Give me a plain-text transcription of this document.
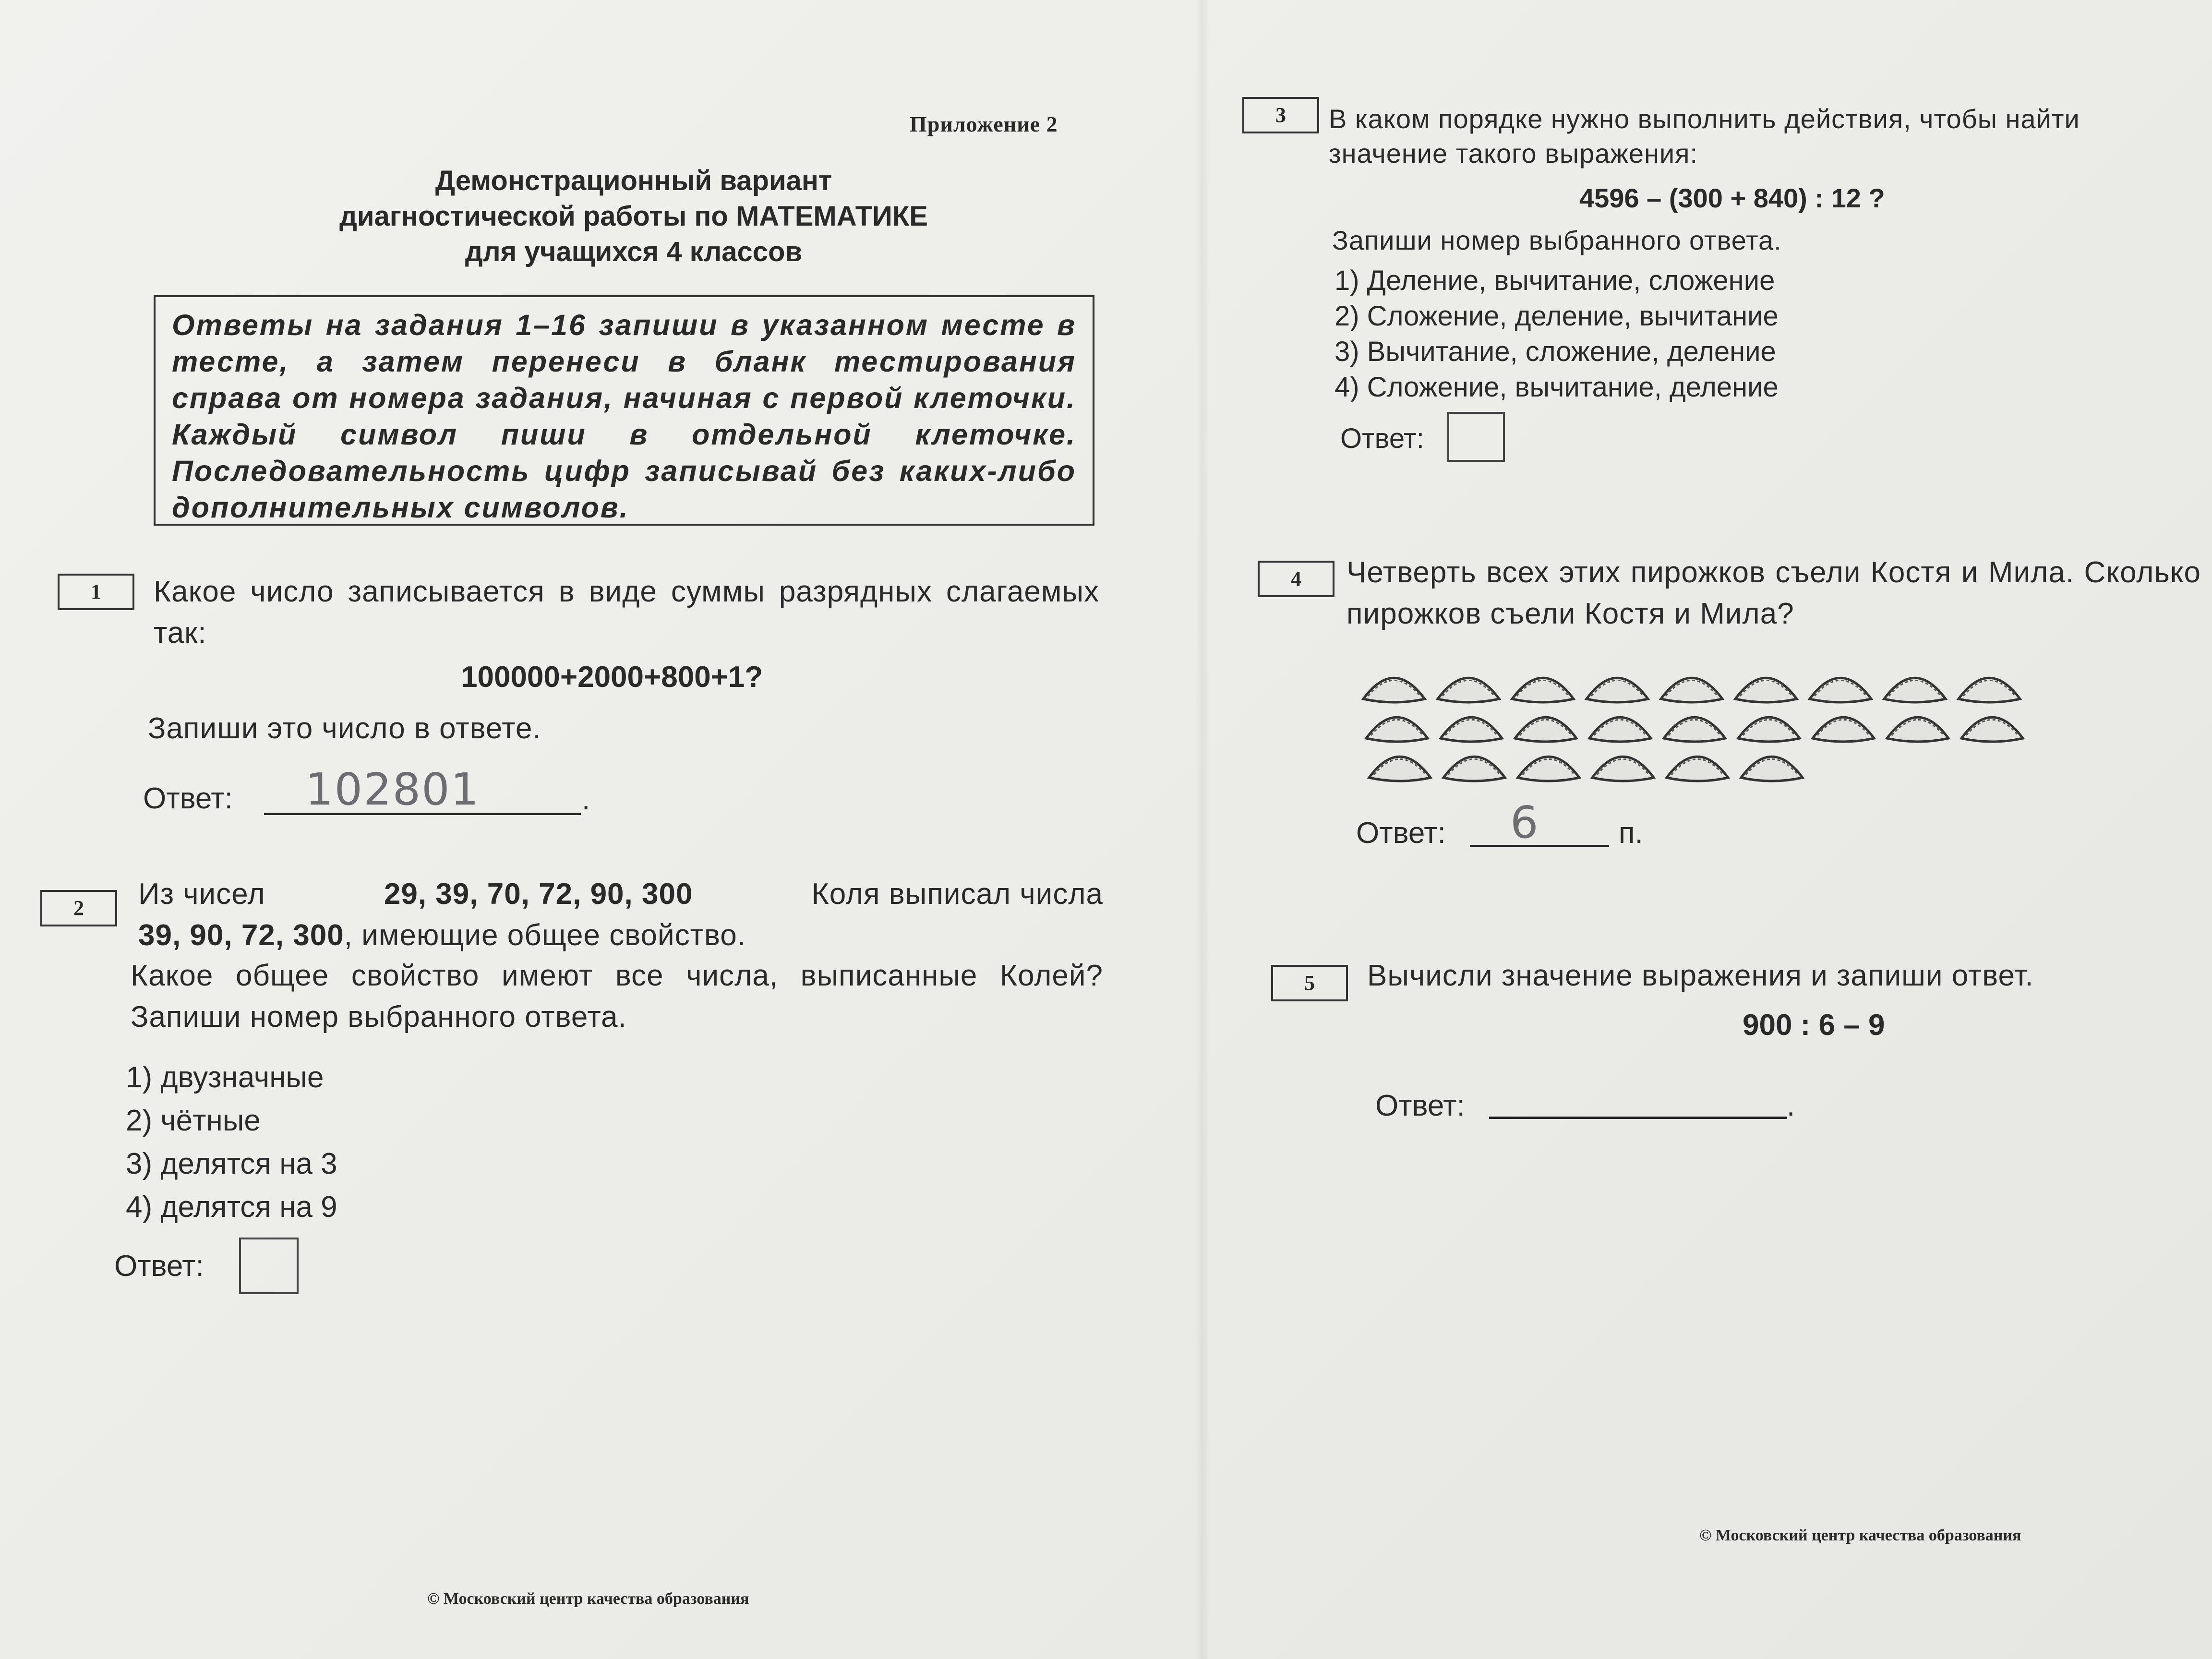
Приложение 2
Демонстрационный вариант
диагностической работы по МАТЕМАТИКЕ
для учащихся 4 классов
Ответы на задания 1–16 запиши в указанном месте в тесте, а затем перенеси в бланк тестирования справа от номера задания, начиная с первой клеточки. Каждый символ пиши в отдельной клеточке. Последовательность цифр записывай без каких-либо дополнительных символов.
1	Какое число записывается в виде суммы разрядных слагаемых так:
100000+2000+800+1?
Запиши это число в ответе.
Ответ: 102801	.
2	Из чисел	29, 39, 70, 72, 90, 300	Коля выписал числа
39, 90, 72, 300, имеющие общее свойство.
Какое общее свойство имеют все числа, выписанные Колей? Запиши номер выбранного ответа.
1) двузначные
2) чётные
3) делятся на 3
4) делятся на 9
Ответ:
© Московский центр качества образования
3	В каком порядке нужно выполнить действия, чтобы найти значение такого выражения:
4596 – (300 + 840) : 12 ?
Запиши номер выбранного ответа.
1) Деление, вычитание, сложение
2) Сложение, деление, вычитание
3) Вычитание, сложение, деление
4) Сложение, вычитание, деление
Ответ:
4	Четверть всех этих пирожков съели Костя и Мила. Сколько пирожков съели Костя и Мила?
Ответ: 6	п.
5	Вычисли значение выражения и запиши ответ.
900 : 6 – 9
Ответ:	.
© Московский центр качества образования
